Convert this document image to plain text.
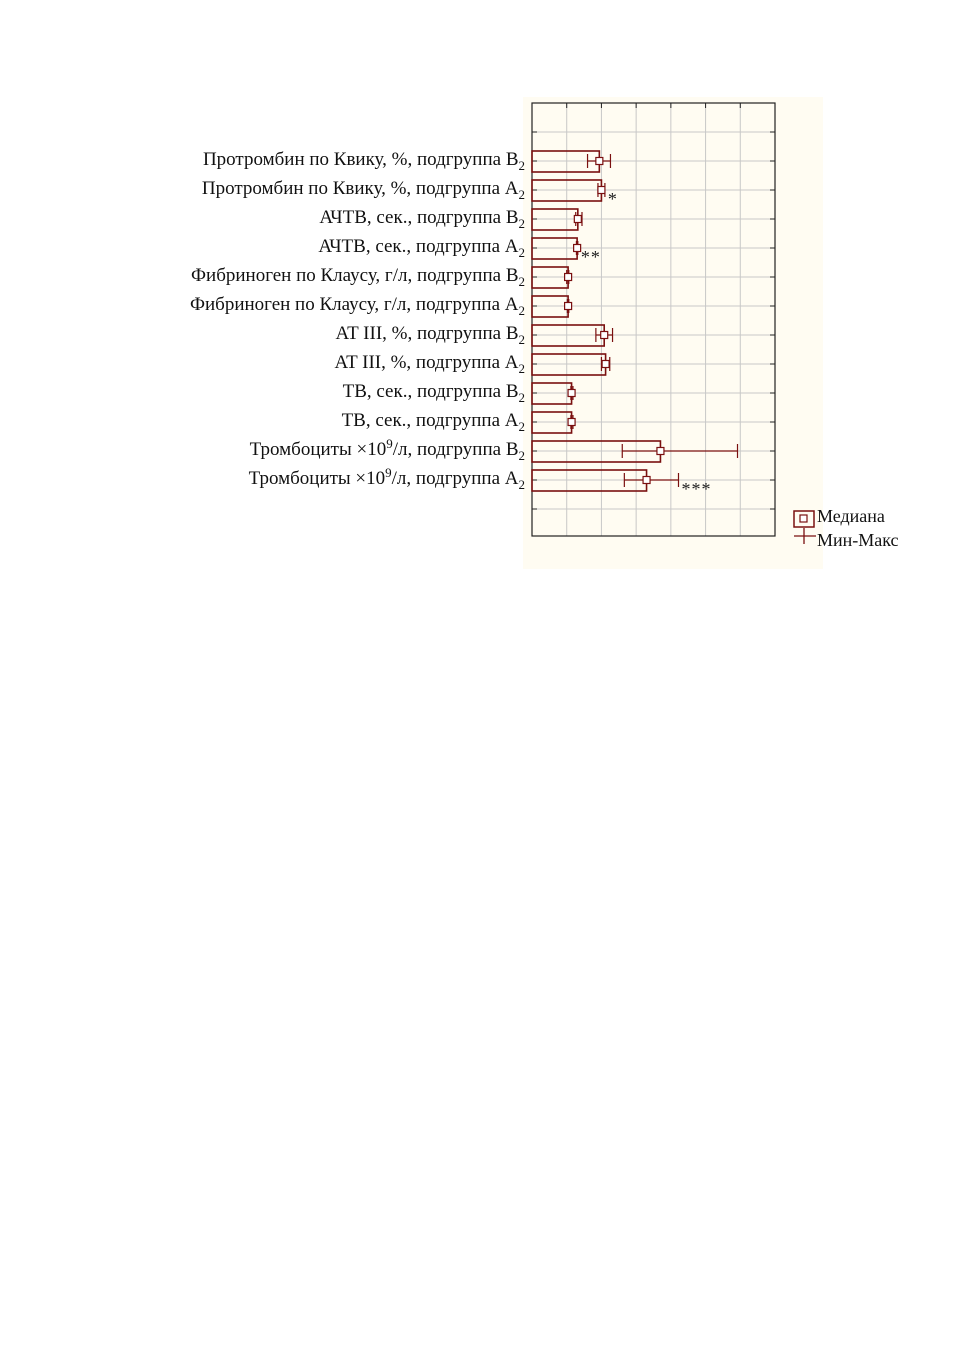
Протромбин по Квику, %, подгруппа $B_2$
Протромбин по Квику, %, подгруппа $A_2$
АЧТВ, сек., подгруппа $B_2$
АЧТВ, сек., подгруппа $A_2$
Фибриноген по Клаусу, г/л, подгруппа $B_2$
Фибриноген по Клаусу, г/л, подгруппа $A_2$
AT III, %, подгруппа $B_2$
AT III, %, подгруппа $A_2$
ТВ, сек., подгруппа $B_2$
ТВ, сек., подгруппа $A_2$
Тромбоциты $\times 10^9/л$, подгруппа $B_2$
Тромбоциты $\times 10^9/л$, подгруппа $A_2$
*
**
***
Медиана
Мин-Макс
